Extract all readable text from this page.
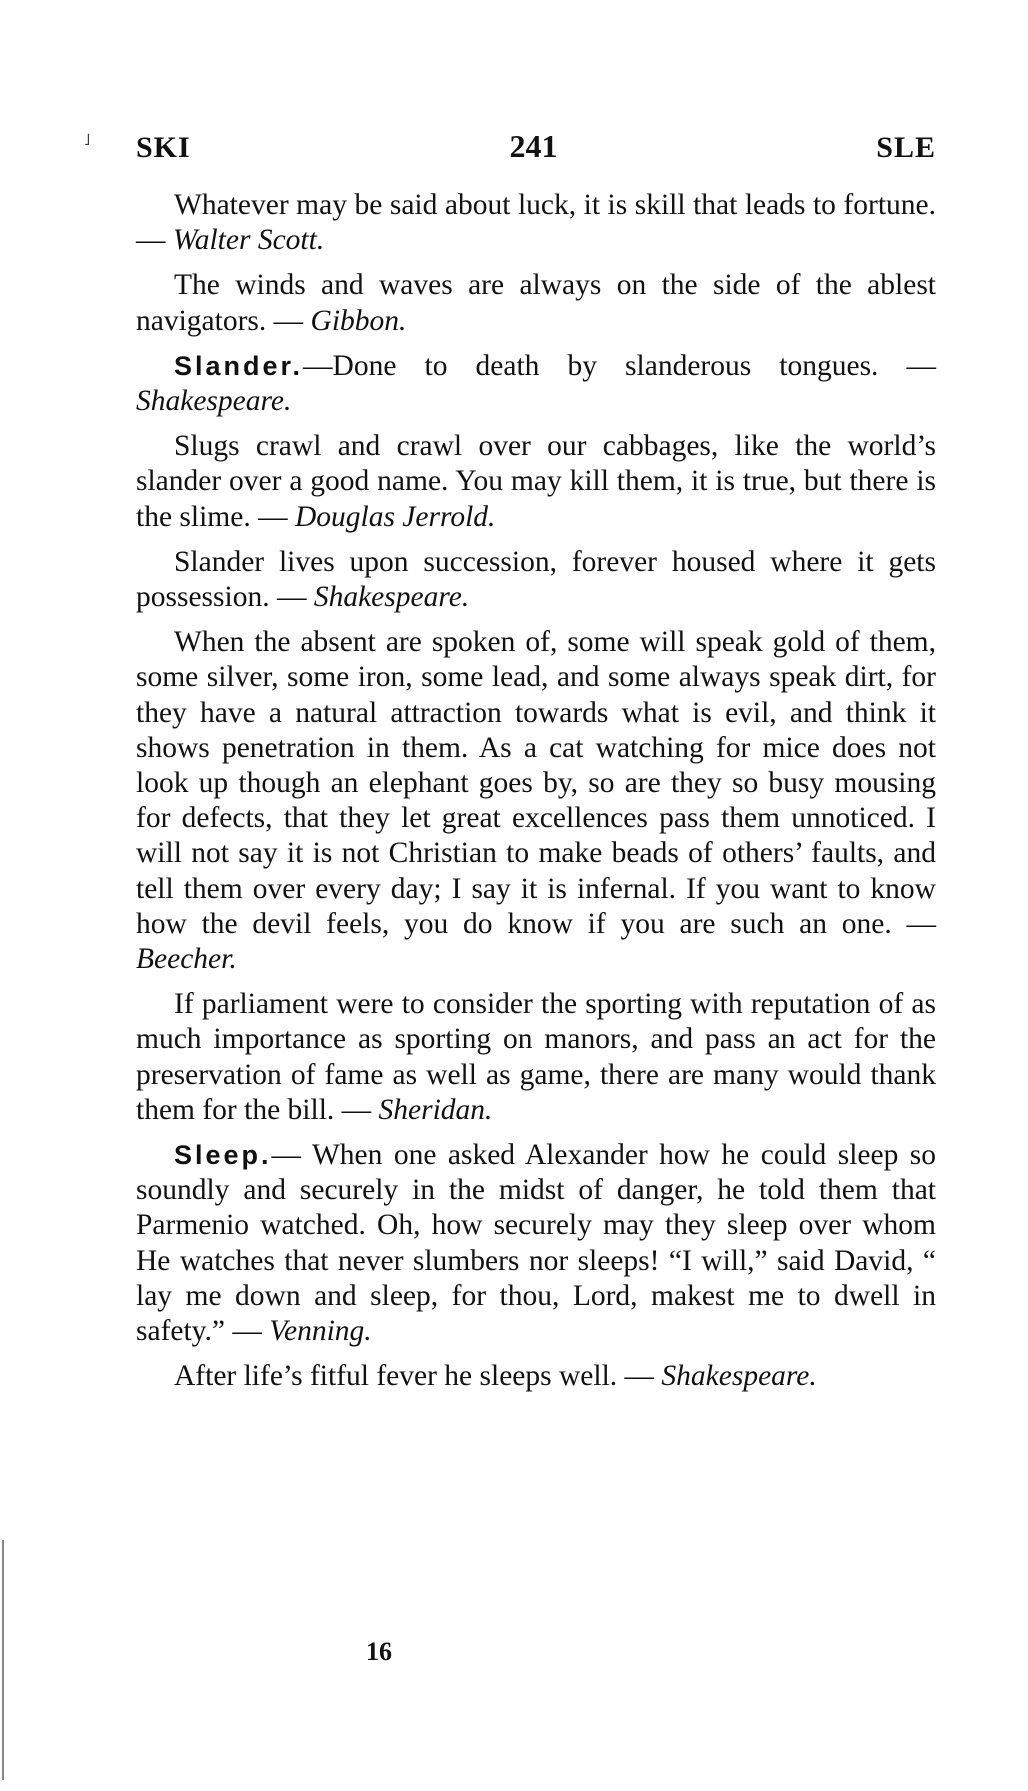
˩ SKI	241	SLE

Whatever may be said about luck, it is skill that leads to fortune. — Walter Scott.

The winds and waves are always on the side of the ablest navigators. — Gibbon.

Slander.—Done to death by slanderous tongues. — Shakespeare.

Slugs crawl and crawl over our cabbages, like the world’s slander over a good name. You may kill them, it is true, but there is the slime. — Douglas Jerrold.

Slander lives upon succession, forever housed where it gets possession. — Shakespeare.

When the absent are spoken of, some will speak gold of them, some silver, some iron, some lead, and some always speak dirt, for they have a natural attraction towards what is evil, and think it shows penetration in them. As a cat watching for mice does not look up though an elephant goes by, so are they so busy mousing for defects, that they let great excellences pass them unnoticed. I will not say it is not Christian to make beads of others’ faults, and tell them over every day; I say it is infernal. If you want to know how the devil feels, you do know if you are such an one. — Beecher.

If parliament were to consider the sporting with reputation of as much importance as sporting on manors, and pass an act for the preservation of fame as well as game, there are many would thank them for the bill. — Sheridan.

Sleep.— When one asked Alexander how he could sleep so soundly and securely in the midst of danger, he told them that Parmenio watched. Oh, how securely may they sleep over whom He watches that never slumbers nor sleeps! “I will,” said David, “ lay me down and sleep, for thou, Lord, makest me to dwell in safety.” — Venning.

After life’s fitful fever he sleeps well. — Shakespeare.

16
